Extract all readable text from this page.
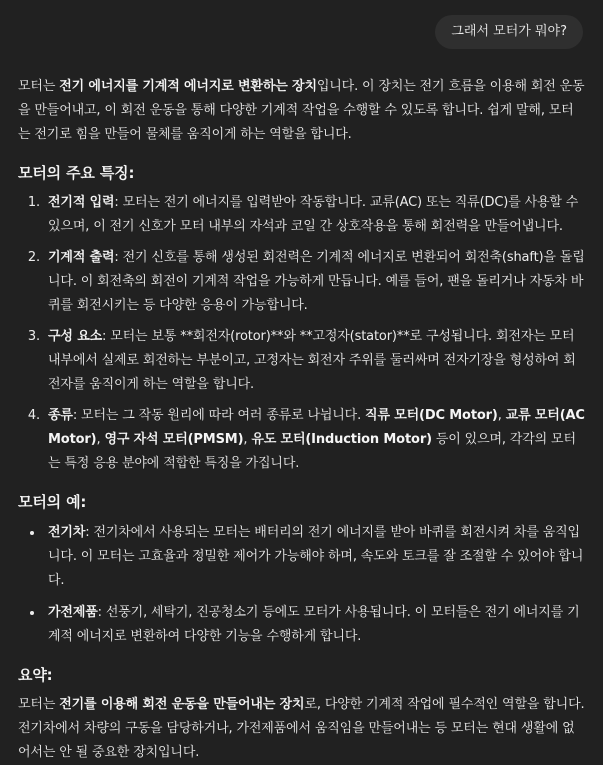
그래서 모터가 뭐야?

모터는 전기 에너지를 기계적 에너지로 변환하는 장치입니다. 이 장치는 전기 흐름을 이용해 회전 운동을 만들어내고, 이 회전 운동을 통해 다양한 기계적 작업을 수행할 수 있도록 합니다. 쉽게 말해, 모터는 전기로 힘을 만들어 물체를 움직이게 하는 역할을 합니다.

모터의 주요 특징:
1. 전기적 입력: 모터는 전기 에너지를 입력받아 작동합니다. 교류(AC) 또는 직류(DC)를 사용할 수 있으며, 이 전기 신호가 모터 내부의 자석과 코일 간 상호작용을 통해 회전력을 만들어냅니다.
2. 기계적 출력: 전기 신호를 통해 생성된 회전력은 기계적 에너지로 변환되어 회전축(shaft)을 돌립니다. 이 회전축의 회전이 기계적 작업을 가능하게 만듭니다. 예를 들어, 팬을 돌리거나 자동차 바퀴를 회전시키는 등 다양한 응용이 가능합니다.
3. 구성 요소: 모터는 보통 **회전자(rotor)**와 **고정자(stator)**로 구성됩니다. 회전자는 모터 내부에서 실제로 회전하는 부분이고, 고정자는 회전자 주위를 둘러싸며 전자기장을 형성하여 회전자를 움직이게 하는 역할을 합니다.
4. 종류: 모터는 그 작동 원리에 따라 여러 종류로 나뉩니다. 직류 모터(DC Motor), 교류 모터(AC Motor), 영구 자석 모터(PMSM), 유도 모터(Induction Motor) 등이 있으며, 각각의 모터는 특정 응용 분야에 적합한 특징을 가집니다.
모터의 예:
• 전기차: 전기차에서 사용되는 모터는 배터리의 전기 에너지를 받아 바퀴를 회전시켜 차를 움직입니다. 이 모터는 고효율과 정밀한 제어가 가능해야 하며, 속도와 토크를 잘 조절할 수 있어야 합니다.
• 가전제품: 선풍기, 세탁기, 진공청소기 등에도 모터가 사용됩니다. 이 모터들은 전기 에너지를 기계적 에너지로 변환하여 다양한 기능을 수행하게 합니다.
요약:

모터는 전기를 이용해 회전 운동을 만들어내는 장치로, 다양한 기계적 작업에 필수적인 역할을 합니다. 전기차에서 차량의 구동을 담당하거나, 가전제품에서 움직임을 만들어내는 등 모터는 현대 생활에 없어서는 안 될 중요한 장치입니다.
